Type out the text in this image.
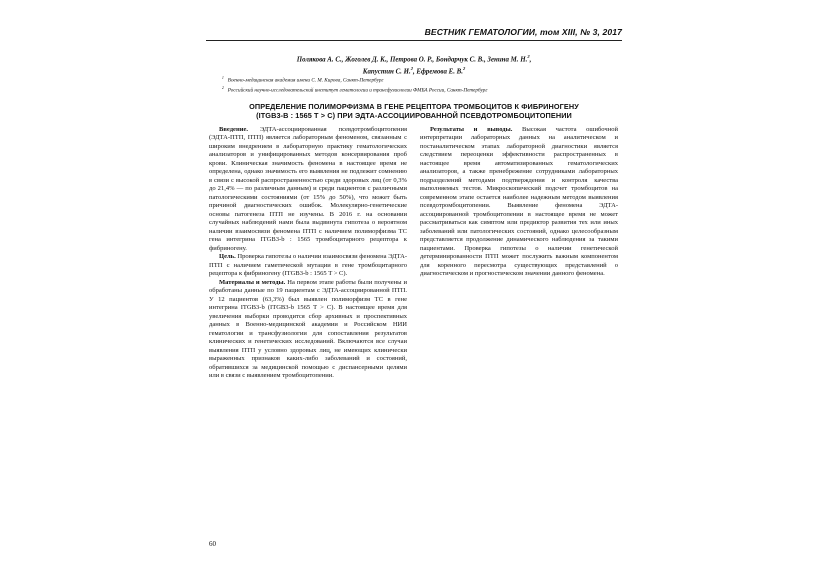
ВЕСТНИК ГЕМАТОЛОГИИ, том XIII, № 3, 2017
Полякова А. С., Жоголев Д. К., Петрова О. Р., Бондарчук С. В., Зенина М. Н.$^2$,
Капустин С. И.$^2$, Ефремова Е. В.$^2$
$^1$ Военно-медицинская академия имени С. М. Кирова, Санкт-Петербург
$^2$ Российский научно-исследовательский институт гематологии и трансфузиологии ФМБА России, Санкт-Петербург
ОПРЕДЕЛЕНИЕ ПОЛИМОРФИЗМА В ГЕНЕ РЕЦЕПТОРА ТРОМБОЦИТОВ К ФИБРИНОГЕНУ
(ITGB3-B : 1565 T > C) ПРИ ЭДТА-АССОЦИИРОВАННОЙ ПСЕВДОТРОМБОЦИТОПЕНИИ

Введение. ЭДТА-ассоциированная псевдотромбоцитопения (ЭДТА-ПТП, ПТП) является лабораторным феноменом, связанным с широким внедрением в лабораторную практику гематологических анализаторов и унифицированных методов консервирования проб крови. Клиническая значимость феномена в настоящее время не определена, однако значимость его выявления не подлежит сомнению в связи с высокой распространенностью среди здоровых лиц (от 0,3% до 21,4% — по различным данным) и среди пациентов с различными патологическими состояниями (от 15% до 50%), что может быть причиной диагностических ошибок. Молекулярно-генетические основы патогенеза ПТП не изучены. В 2016 г. на основании случайных наблюдений нами была выдвинута гипотеза о вероятном наличии взаимосвязи феномена ПТП с наличием полиморфизма ТС гена интегрина ITGB3-b : 1565 тромбоцитарного рецептора к фибриногену.

Цель. Проверка гипотезы о наличии взаимосвязи феномена ЭДТА-ПТП с наличием гаметической мутации в гене тромбоцитарного рецептора к фибриногену (ITGB3-b : 1565 T > C).

Материалы и методы. На первом этапе работы были получены и обработаны данные по 19 пациентам с ЭДТА-ассоциированной ПТП. У 12 пациентов (63,3%) был выявлен полиморфизм ТС в гене интегрина ITGB3-b (ITGB3-b 1565 T > C). В настоящее время для увеличения выборки проводится сбор архивных и проспективных данных в Военно-медицинской академии и Российском НИИ гематологии и трансфузиологии для сопоставления результатов клинических и генетических исследований. Включаются все случаи выявления ПТП у условно здоровых лиц, не имеющих клинически выраженных признаков каких-либо заболеваний и состояний, обратившихся за медицинской помощью с диспансерными целями или в связи с выявлением тромбоцитопении.

Результаты и выводы. Высокая частота ошибочной интерпретации лабораторных данных на аналитическом и постаналитическом этапах лабораторной диагностики является следствием переоценки эффективности распространенных в настоящее время автоматизированных гематологических анализаторов, а также пренебрежение сотрудниками лабораторных подразделений методами подтверждения и контроля качества выполняемых тестов. Микроскопический подсчет тромбоцитов на современном этапе остается наиболее надежным методом выявления псевдотромбоцитопении. Выявление феномена ЭДТА-ассоциированной тромбоцитопении в настоящее время не может рассматриваться как симптом или предиктор развития тех или иных заболеваний или патологических состояний, однако целесообразным представляется продолжение динамического наблюдения за такими пациентами. Проверка гипотезы о наличии генетической детерминированности ПТП может послужить важным компонентом для коренного пересмотра существующих представлений о диагностическом и прогностическом значении данного феномена.

60
